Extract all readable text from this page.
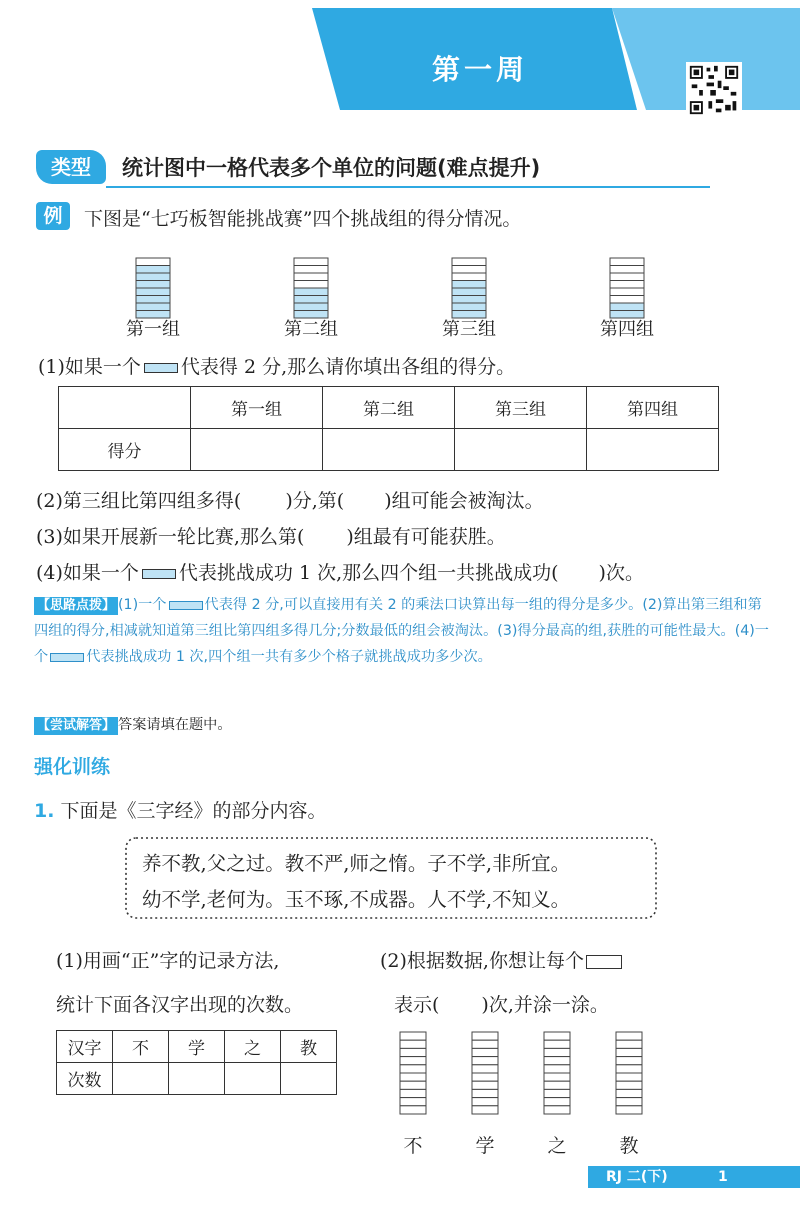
第一周
视频讲解
类型	统计图中一格代表多个单位的问题(难点提升)
例	下图是“七巧板智能挑战赛”四个挑战组的得分情况。
第一组	第二组	第三组	第四组
(1)如果一个 代表得 2 分,那么请你填出各组的得分。
	第一组	第二组	第三组	第四组
得分				
(2)第三组比第四组多得( )分,第( )组可能会被淘汰。
(3)如果开展新一轮比赛,那么第( )组最有可能获胜。
(4)如果一个 代表挑战成功 1 次,那么四个组一共挑战成功( )次。
【思路点拨】 (1)一个	代表得 2 分,可以直接用有关 2 的乘法口诀算出每一组的得分是多少。(2)算出第三组和第四组的得分,相减就知道第三组比第四组多得几分;分数最低的组会被淘汰。(3)得分最高的组,获胜的可能性最大。(4)一个	代表挑战成功 1 次,四个组一共有多少个格子就挑战成功多少次。
【尝试解答】 答案请填在题中。
强化训练
1. 下面是《三字经》的部分内容。
养不教,父之过。教不严,师之惰。子不学,非所宜。
幼不学,老何为。玉不琢,不成器。人不学,不知义。
(1)用画“正”字的记录方法,
统计下面各汉字出现的次数。
(2)根据数据,你想让每个
表示( )次,并涂一涂。
汉字	不	学	之	教
次数				
不	学	之	教
RJ 二(下)	1
